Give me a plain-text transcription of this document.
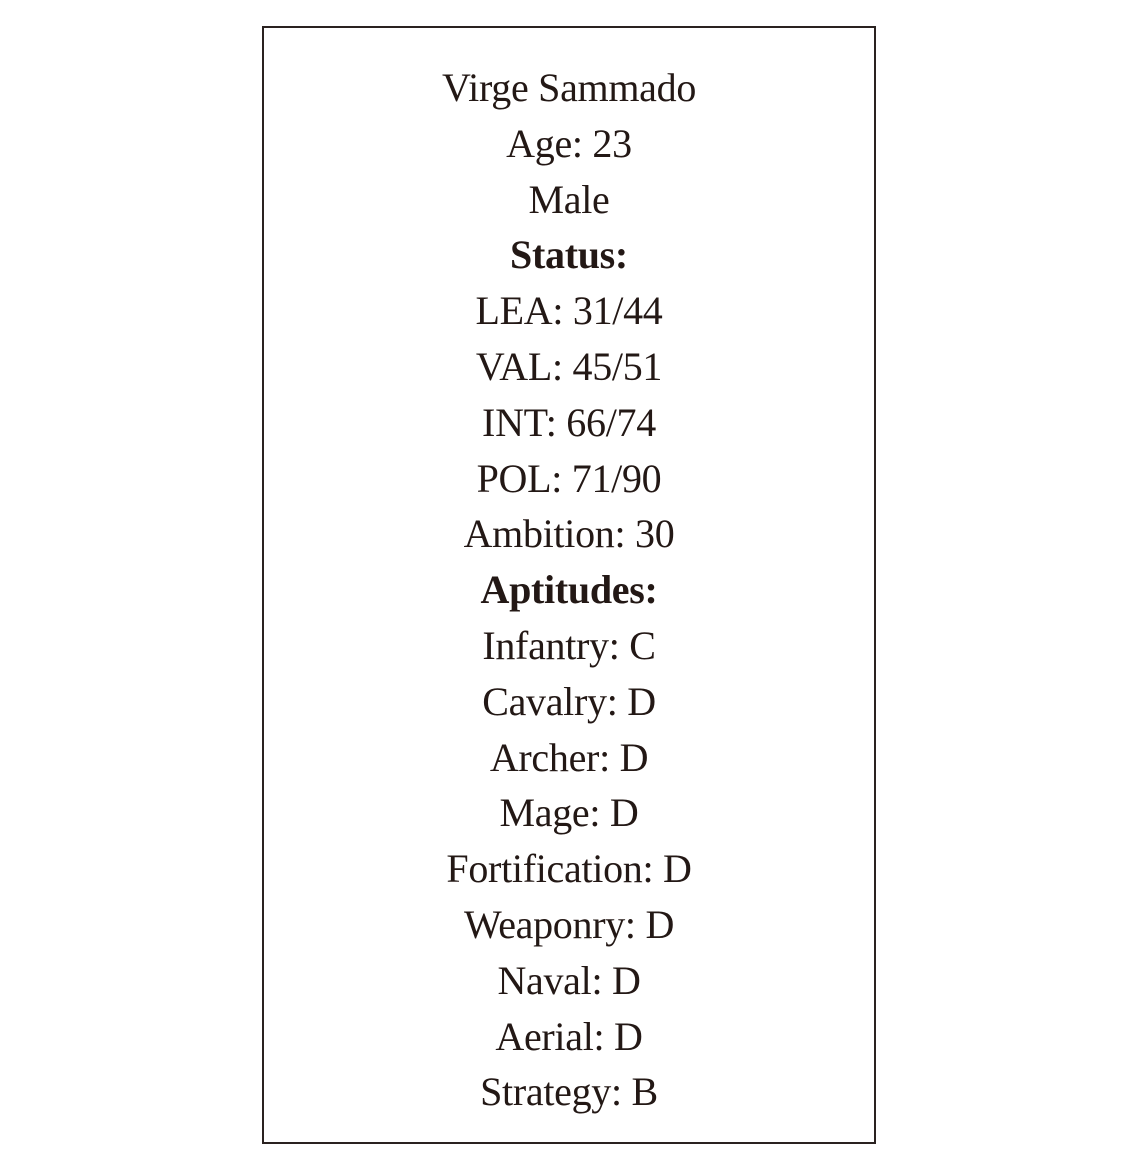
Virge Sammado
Age: 23
Male
Status:
LEA: 31/44
VAL: 45/51
INT: 66/74
POL: 71/90
Ambition: 30
Aptitudes:
Infantry: C
Cavalry: D
Archer: D
Mage: D
Fortification: D
Weaponry: D
Naval: D
Aerial: D
Strategy: B
